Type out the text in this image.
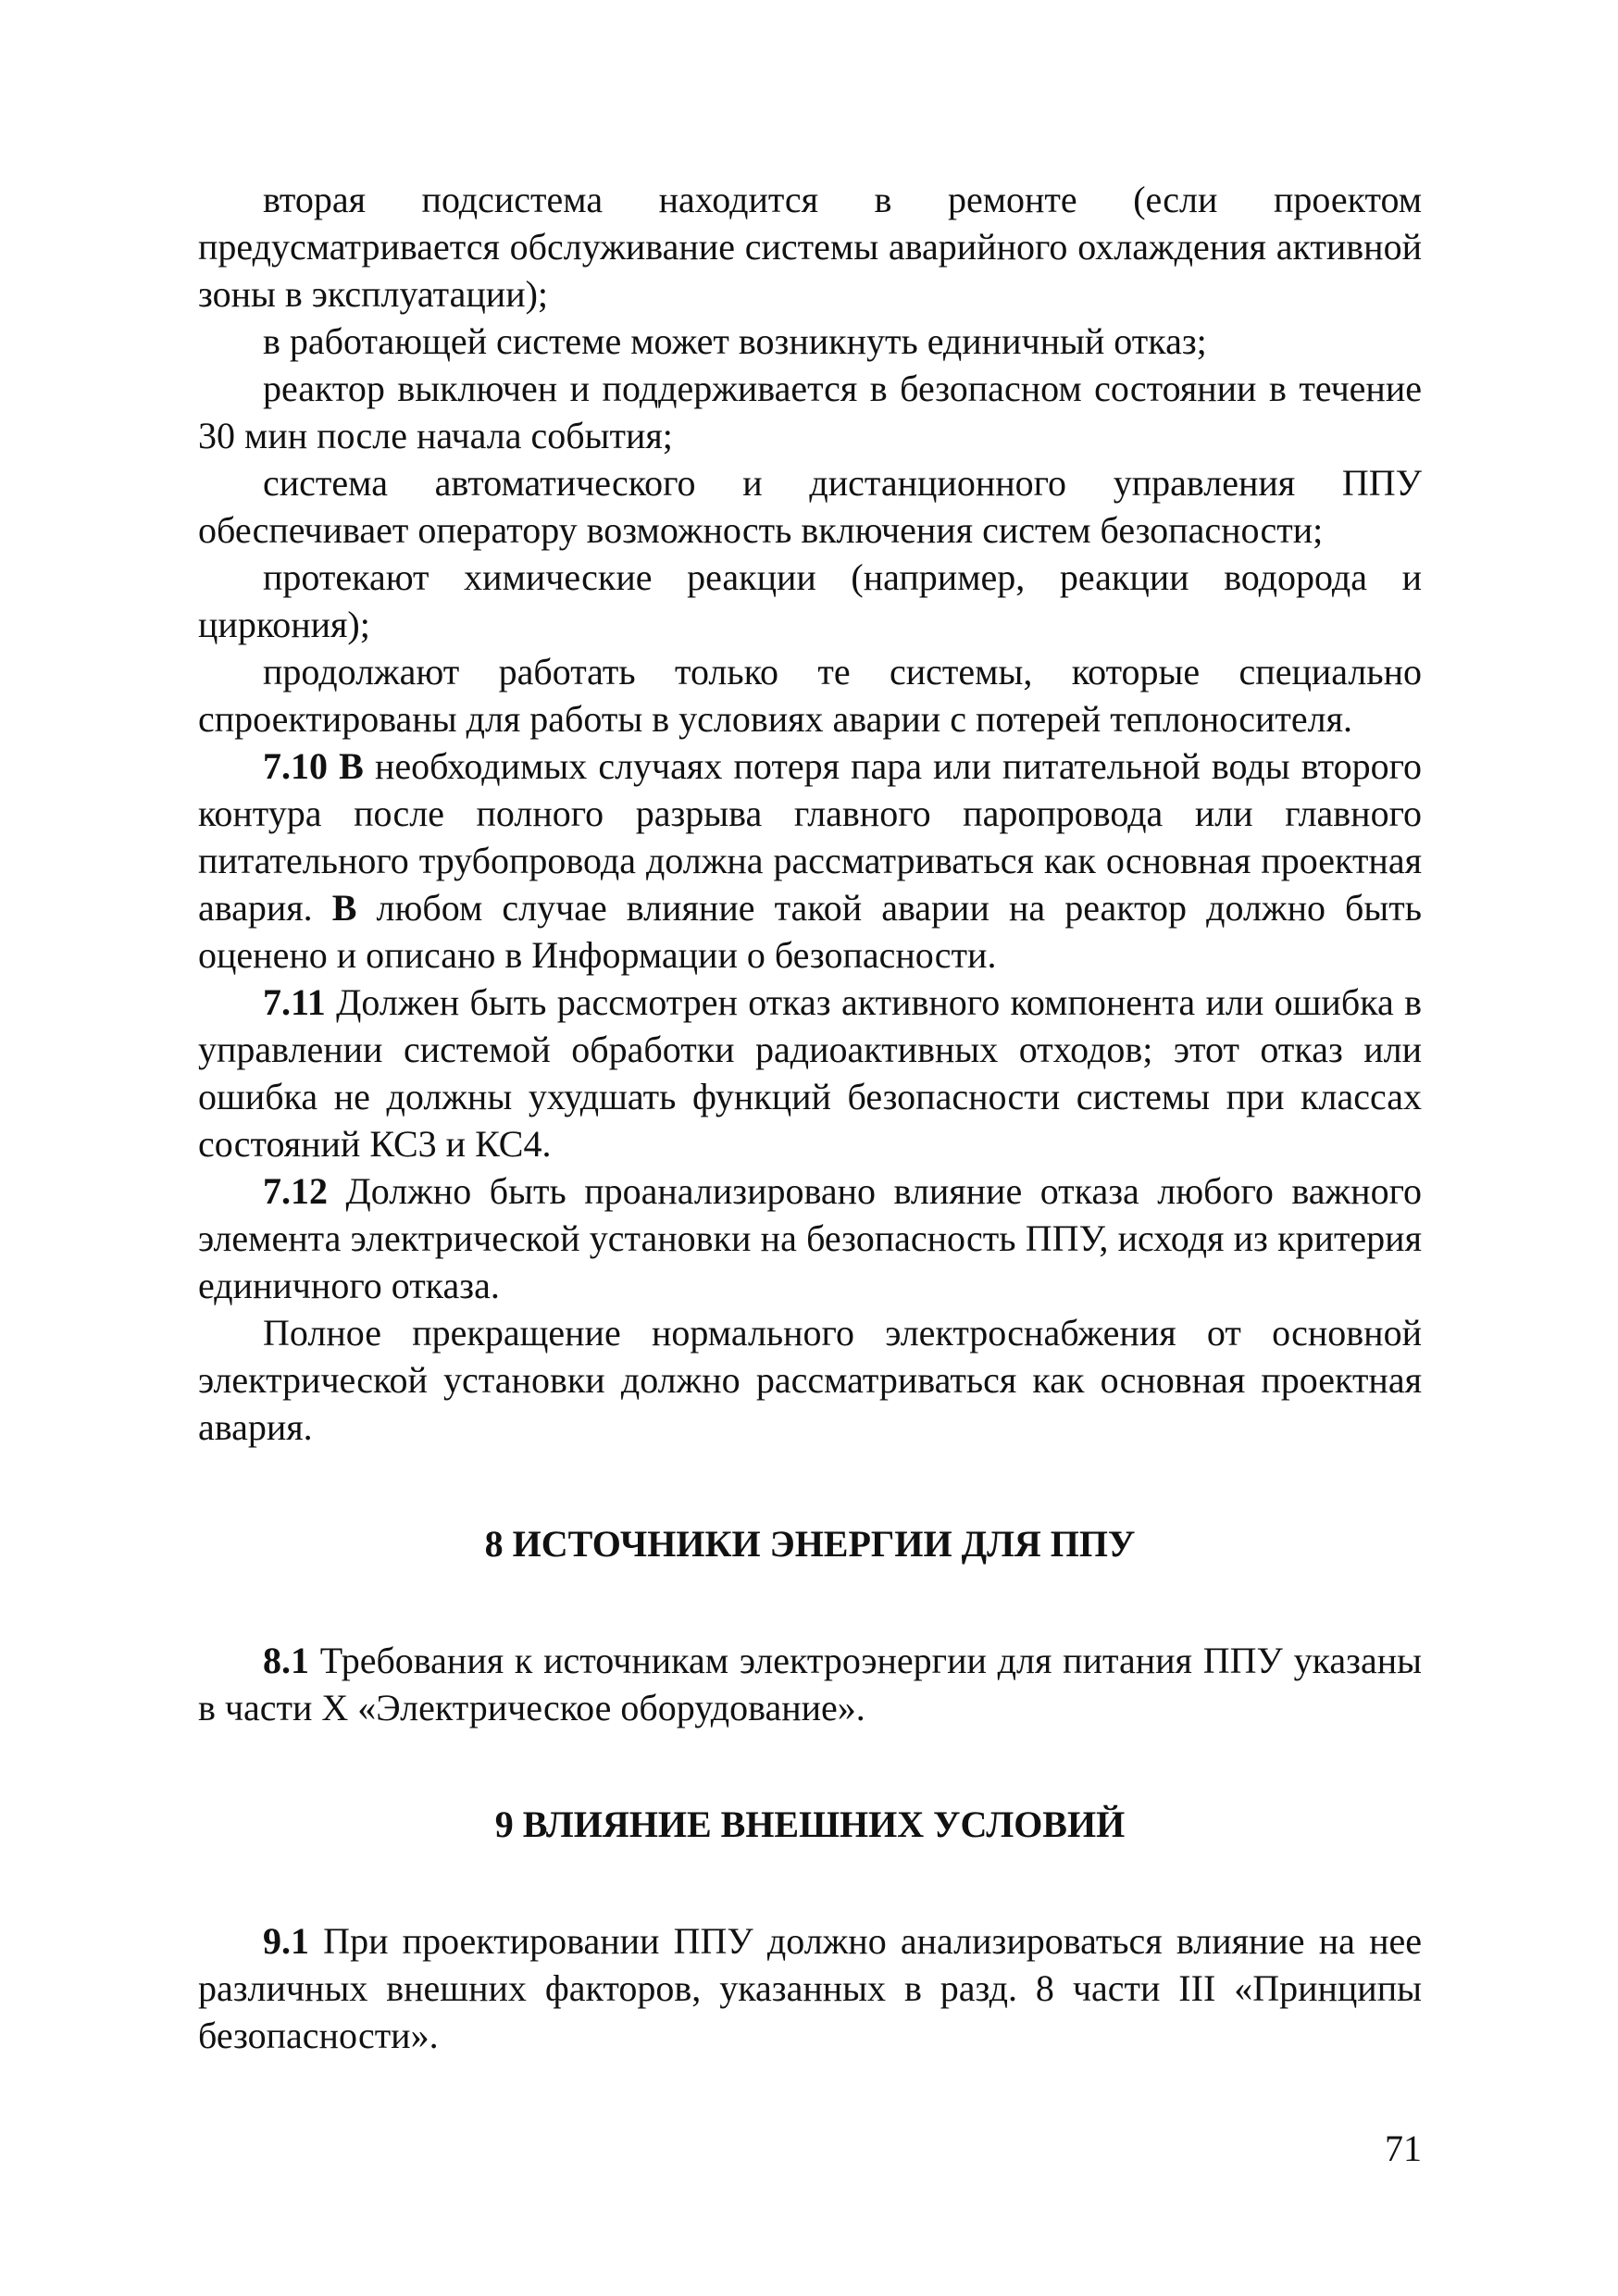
вторая подсистема находится в ремонте (если проектом предусматривается обслуживание системы аварийного охлаждения активной зоны в эксплуатации);

в работающей системе может возникнуть единичный отказ;

реактор выключен и поддерживается в безопасном состоянии в течение 30 мин после начала события;

система автоматического и дистанционного управления ППУ обеспечивает оператору возможность включения систем безопасности;

протекают химические реакции (например, реакции водорода и циркония);

продолжают работать только те системы, которые специально спроектированы для работы в условиях аварии с потерей теплоносителя.

7.10 В необходимых случаях потеря пара или питательной воды второго контура после полного разрыва главного паропровода или главного питательного трубопровода должна рассматриваться как основная проектная авария. В любом случае влияние такой аварии на реактор должно быть оценено и описано в Информации о безопасности.

7.11 Должен быть рассмотрен отказ активного компонента или ошибка в управлении системой обработки радиоактивных отходов; этот отказ или ошибка не должны ухудшать функций безопасности системы при классах состояний КС3 и КС4.

7.12 Должно быть проанализировано влияние отказа любого важного элемента электрической установки на безопасность ППУ, исходя из критерия единичного отказа.

Полное прекращение нормального электроснабжения от основной электрической установки должно рассматриваться как основная проектная авария.

8 ИСТОЧНИКИ ЭНЕРГИИ ДЛЯ ППУ

8.1 Требования к источникам электроэнергии для питания ППУ указаны в части X «Электрическое оборудование».

9 ВЛИЯНИЕ ВНЕШНИХ УСЛОВИЙ

9.1 При проектировании ППУ должно анализироваться влияние на нее различных внешних факторов, указанных в разд. 8 части III «Принципы безопасности».

71
